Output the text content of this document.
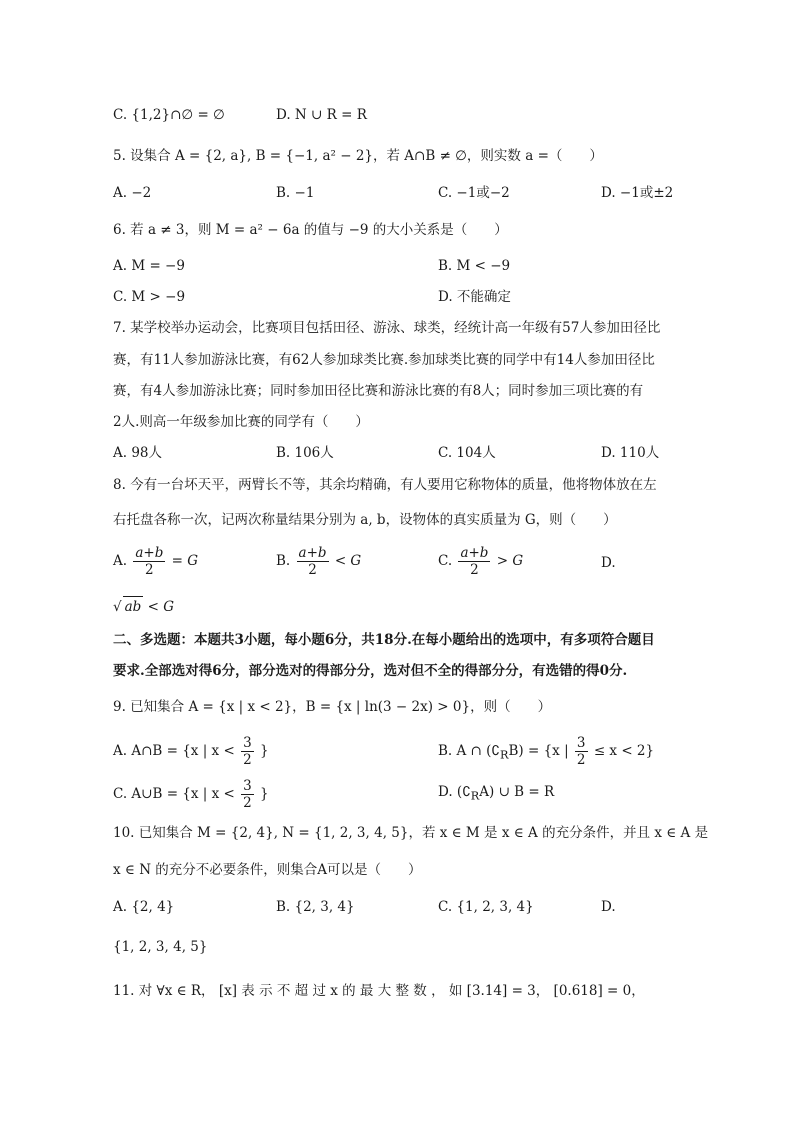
C. {1,2}∩∅ = ∅	D. N ∪ R = R
5. 设集合 A = {2, a}, B = {−1, a² − 2}，若 A∩B ≠ ∅，则实数 a =（　　）
A. −2	B. −1	C. −1或−2	D. −1或±2
6. 若 a ≠ 3，则 M = a² − 6a 的值与 −9 的大小关系是（　　）
A. M = −9	B. M < −9
C. M > −9	D. 不能确定
7. 某学校举办运动会，比赛项目包括田径、游泳、球类，经统计高一年级有57人参加田径比
赛，有11人参加游泳比赛，有62人参加球类比赛.参加球类比赛的同学中有14人参加田径比
赛，有4人参加游泳比赛；同时参加田径比赛和游泳比赛的有8人；同时参加三项比赛的有
2人.则高一年级参加比赛的同学有（　　）
A. 98人	B. 106人	C. 104人	D. 110人
8. 今有一台坏天平，两臂长不等，其余均精确，有人要用它称物体的质量，他将物体放在左
右托盘各称一次，记两次称量结果分别为 a, b，设物体的真实质量为 G，则（　　）
A. $\frac{a+b}{2} = G$	B. $\frac{a+b}{2} < G$	C. $\frac{a+b}{2} > G$	D.
√ ab < G
二、多选题：本题共3小题，每小题6分，共18分.在每小题给出的选项中，有多项符合题目
要求.全部选对得6分，部分选对的得部分分，选对但不全的得部分分，有选错的得0分.
9. 已知集合 A = {x | x < 2}，B = {x | ln(3 − 2x) > 0}，则（　　）
A. A∩B = {x | $x < \frac{3}{2}$ }	B. A ∩ $(∁_RB) = \{x$ | $\frac{3}{2} \le x < 2$}
C. A∪B = {x | $x < \frac{3}{2}$ }	D. $(∁_RA)$ ∪ B = R
10. 已知集合 M = {2, 4}, N = {1, 2, 3, 4, 5}，若 x ∈ M 是 x ∈ A 的充分条件，并且 x ∈ A 是
x ∈ N 的充分不必要条件，则集合A可以是（　　）
A. {2, 4}	B. {2, 3, 4}	C. {1, 2, 3, 4}	D.
{1, 2, 3, 4, 5}
11. 对 ∀x ∈ R， [x] 表 示 不 超 过 x 的 最 大 整 数 ， 如 [3.14] = 3， [0.618] = 0，
